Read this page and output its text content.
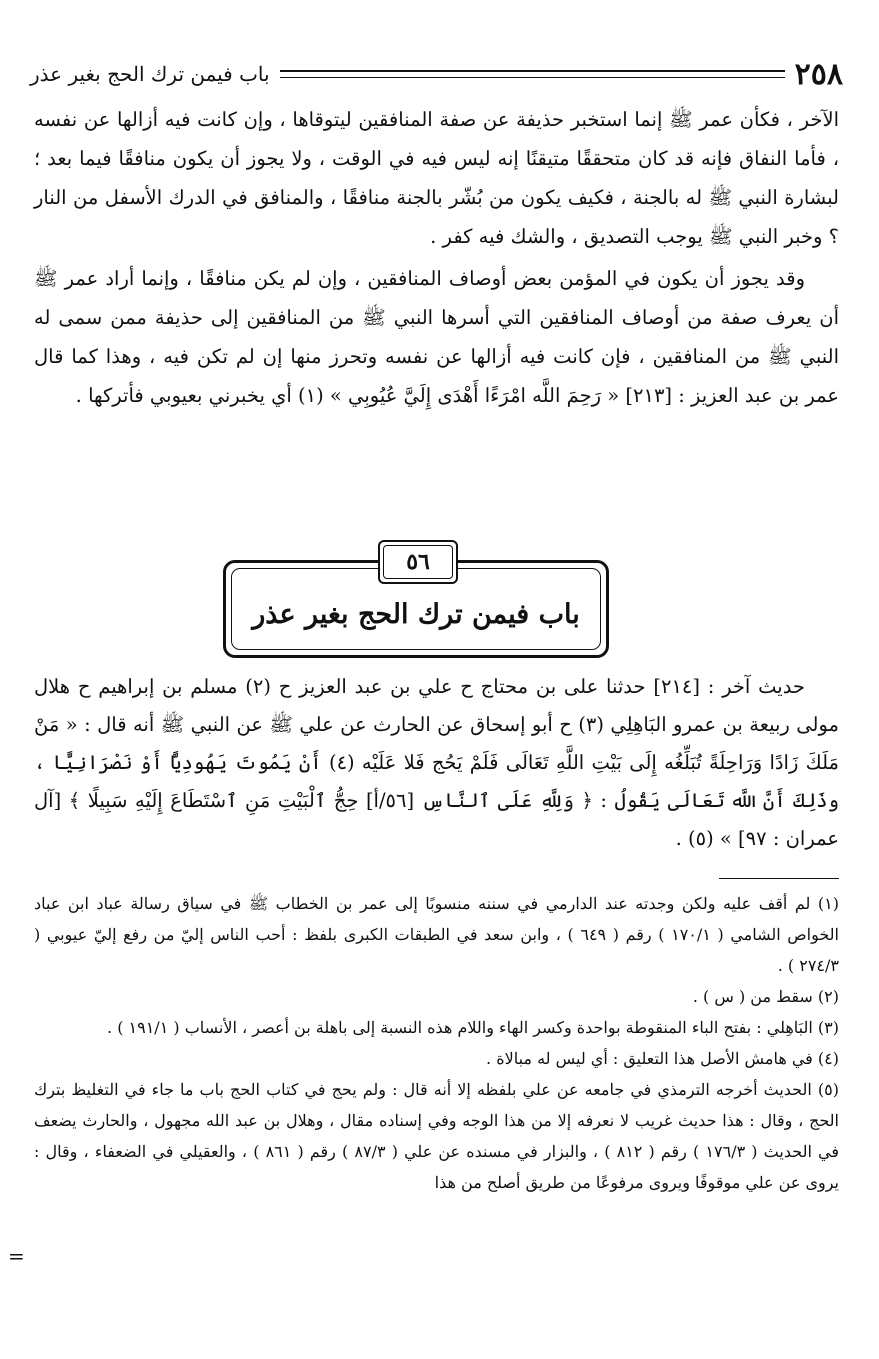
٢٥٨
باب فيمن ترك الحج بغير عذر

الآخر ، فكأن عمر ﷺ إنما استخبر حذيفة عن صفة المنافقين ليتوقاها ، وإن كانت فيه أزالها عن نفسه ، فأما النفاق فإنه قد كان متحققًا متيقنًا إنه ليس فيه في الوقت ، ولا يجوز أن يكون منافقًا فيما بعد ؛ لبشارة النبي ﷺ له بالجنة ، فكيف يكون من بُشّر بالجنة منافقًا ، والمنافق في الدرك الأسفل من النار ؟ وخبر النبي ﷺ يوجب التصديق ، والشك فيه كفر .

وقد يجوز أن يكون في المؤمن بعض أوصاف المنافقين ، وإن لم يكن منافقًا ، وإنما أراد عمر ﷺ أن يعرف صفة من أوصاف المنافقين التي أسرها النبي ﷺ من المنافقين إلى حذيفة ممن سمى له النبي ﷺ من المنافقين ، فإن كانت فيه أزالها عن نفسه وتحرز منها إن لم تكن فيه ، وهذا كما قال عمر بن عبد العزيز : [٢١٣] « رَحِمَ اللَّه امْرَءًا أَهْدَى إِلَيَّ عُيُوبِي » (١) أي يخبرني بعيوبي فأتركها .

باب فيمن ترك الحج بغير عذر
٥٦

حديث آخر : [٢١٤] حدثنا على بن محتاج ح علي بن عبد العزيز ح (٢) مسلم بن إبراهيم ح هلال مولى ربيعة بن عمرو البَاهِلِي (٣) ح أبو إسحاق عن الحارث عن علي ﷺ عن النبي ﷺ أنه قال : « مَنْ مَلَكَ زَادًا وَرَاحِلَةً تُبَلِّغُه إِلَى بَيْتِ اللَّهِ تَعَالَى فَلَمْ يَحُج فَلا عَلَيْه (٤) أَنْ يَمُوتَ يَهُودِيًّا أَوْ نَصْرَانِيًّا ، وذَلِكَ أَنَّ اللَّه تَعَالَى يَقُولُ : ﴿ وَلِلَّهِ عَلَى ٱلنَّاسِ [٥٦/أ] حِجُّ ٱلْبَيْتِ مَنِ ٱسْتَطَاعَ إِلَيْهِ سَبِيلًا ﴾ [آل عمران : ٩٧] » (٥) .

(١) لم أقف عليه ولكن وجدته عند الدارمي في سننه منسوبًا إلى عمر بن الخطاب ﷺ في سياق رسالة عباد ابن عباد الخواص الشامي ( ١٧٠/١ ) رقم ( ٦٤٩ ) ، وابن سعد في الطبقات الكبرى بلفظ : أحب الناس إليّ من رفع إليّ عيوبي ( ٢٧٤/٣ ) .

(٢) سقط من ( س ) .

(٣) البَاهِلي : بفتح الباء المنقوطة بواحدة وكسر الهاء واللام هذه النسبة إلى باهلة بن أعصر ، الأنساب ( ١٩١/١ ) .

(٤) في هامش الأصل هذا التعليق : أي ليس له مبالاة .

(٥) الحديث أخرجه الترمذي في جامعه عن علي بلفظه إلا أنه قال : ولم يحج في كتاب الحج باب ما جاء في التغليظ بترك الحج ، وقال : هذا حديث غريب لا نعرفه إلا من هذا الوجه وفي إسناده مقال ، وهلال بن عبد الله مجهول ، والحارث يضعف في الحديث ( ١٧٦/٣ ) رقم ( ٨١٢ ) ، والبزار في مسنده عن علي ( ٨٧/٣ ) رقم ( ٨٦١ ) ، والعقيلي في الضعفاء ، وقال : يروى عن علي موقوفًا ويروى مرفوعًا من طريق أصلح من هذا

=
